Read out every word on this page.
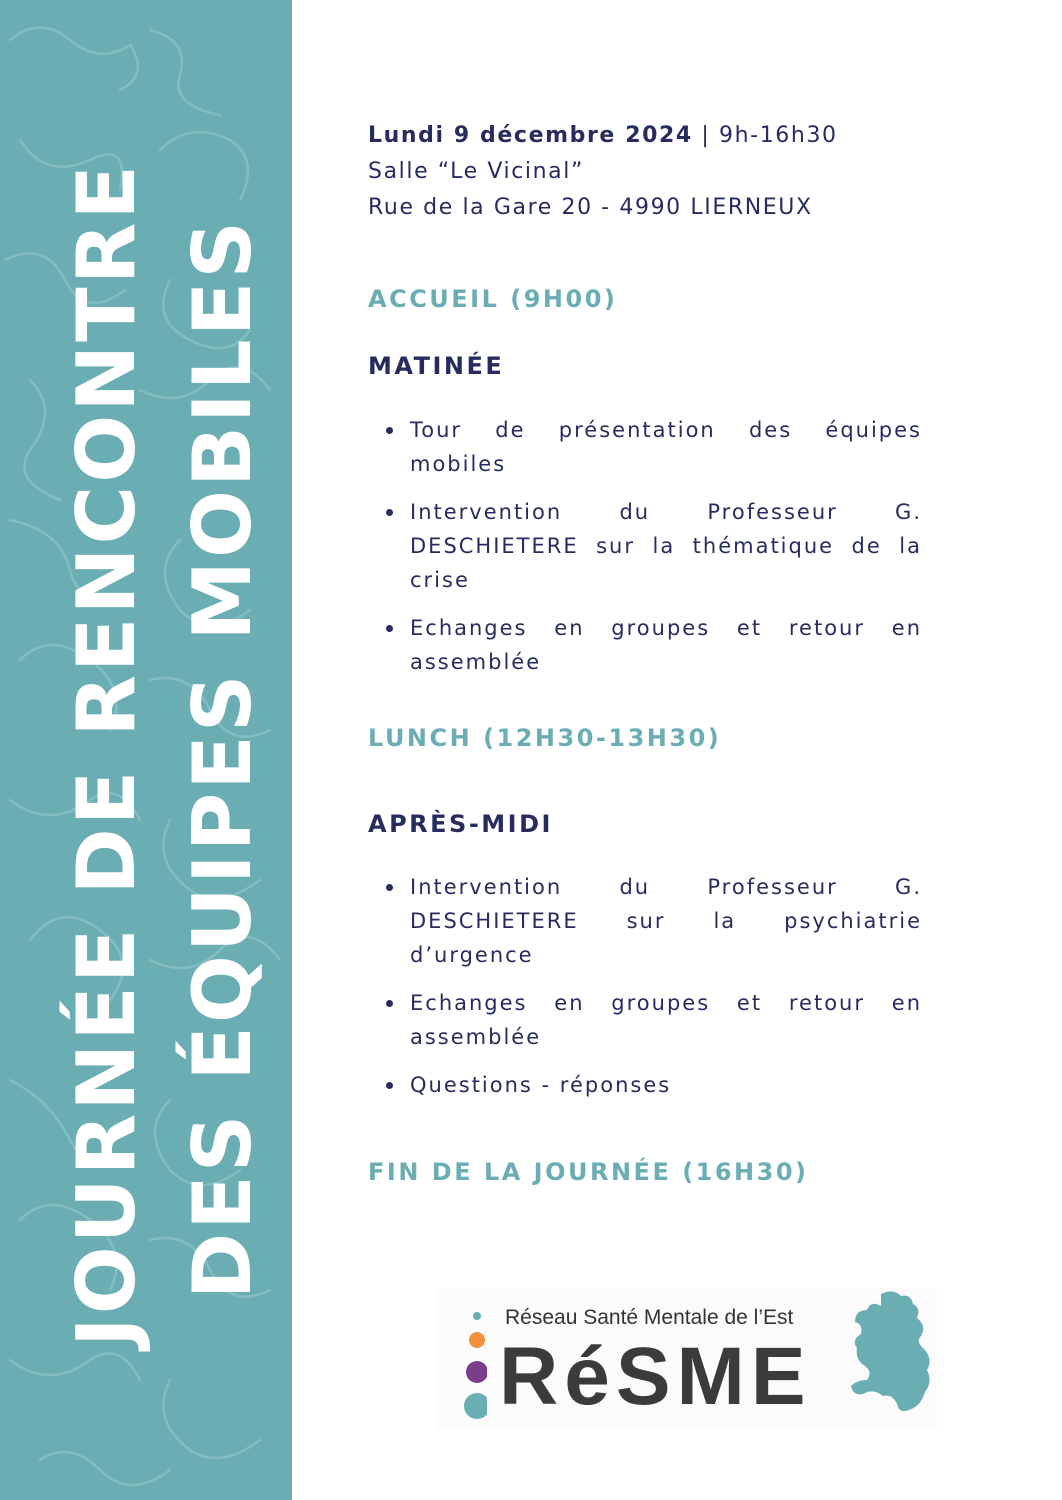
JOURNÉE DE RENCONTRE DES ÉQUIPES MOBILES
Lundi 9 décembre 2024 | 9h-16h30
Salle “Le Vicinal”
Rue de la Gare 20 - 4990 LIERNEUX
ACCUEIL (9H00)
MATINÉE
Tour de présentation des équipes mobiles
Intervention du Professeur G. DESCHIETERE sur la thématique de la crise
Echanges en groupes et retour en assemblée
LUNCH (12H30-13H30)
APRÈS-MIDI
Intervention du Professeur G. DESCHIETERE sur la psychiatrie d’urgence
Echanges en groupes et retour en assemblée
Questions - réponses
FIN DE LA JOURNÉE (16H30)
Réseau Santé Mentale de l’Est
RéSME
